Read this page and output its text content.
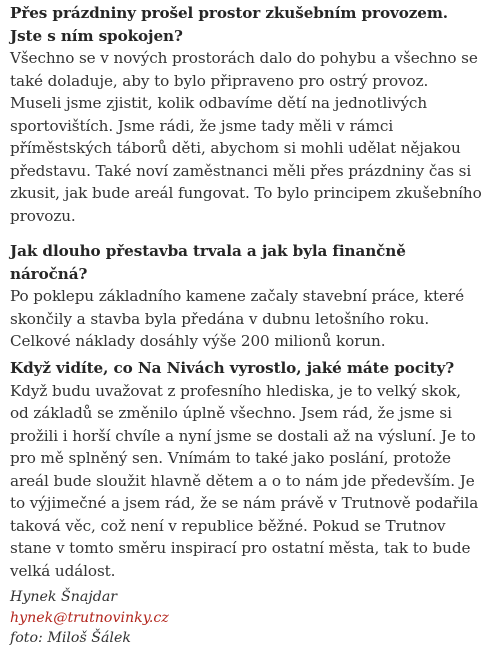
Přes prázdniny prošel prostor zkušebním provozem. Jste s ním spokojen?

Všechno se v nových prostorách dalo do pohybu a všechno se také doladuje, aby to bylo připraveno pro ostrý provoz. Museli jsme zjistit, kolik odbavíme dětí na jednotlivých sportovištích. Jsme rádi, že jsme tady měli v rámci příměstských táborů děti, abychom si mohli udělat nějakou představu. Také noví zaměstnanci měli přes prázdniny čas si zkusit, jak bude areál fungovat. To bylo principem zkušebního provozu.

Jak dlouho přestavba trvala a jak byla finančně náročná?

Po poklepu základního kamene začaly stavební práce, které skončily a stavba byla předána v dubnu letošního roku. Celkové náklady dosáhly výše 200 milionů korun.

Když vidíte, co Na Nivách vyrostlo, jaké máte pocity?

Když budu uvažovat z profesního hlediska, je to velký skok, od základů se změnilo úplně všechno. Jsem rád, že jsme si prožili i horší chvíle a nyní jsme se dostali až na výsluní. Je to pro mě splněný sen. Vnímám to také jako poslání, protože areál bude sloužit hlavně dětem a o to nám jde především. Je to výjimečné a jsem rád, že se nám právě v Trutnově podařila taková věc, což není v republice běžné. Pokud se Trutnov stane v tomto směru inspirací pro ostatní města, tak to bude velká událost.

Hynek Šnajdar
hynek@trutnovinky.cz
foto: Miloš Šálek
